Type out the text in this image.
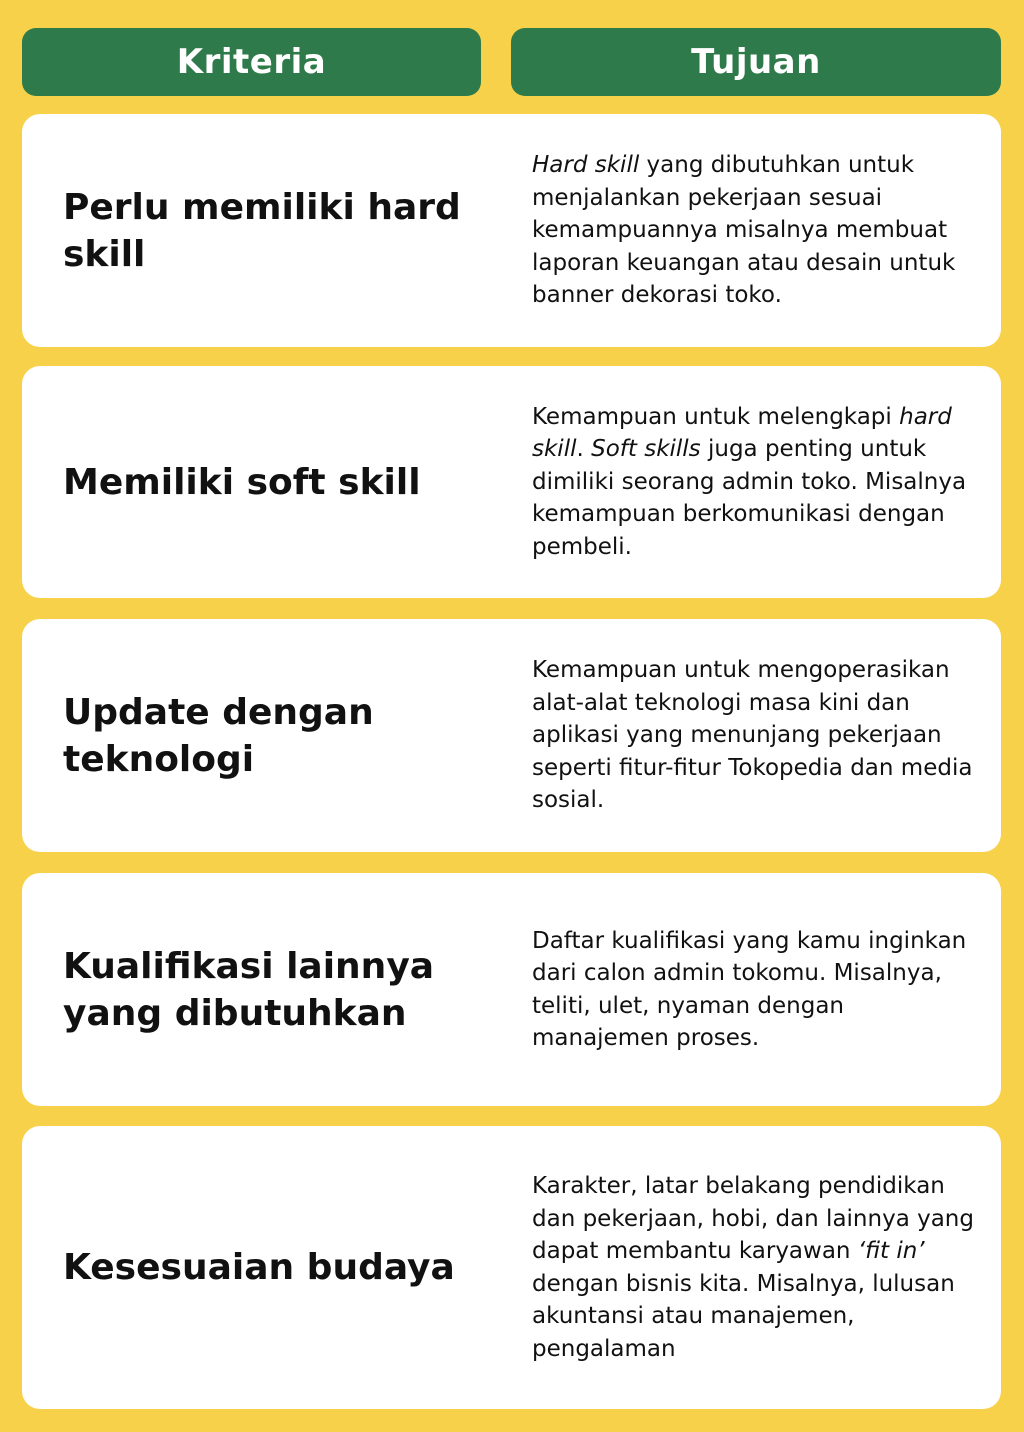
Kriteria	Tujuan
Perlu memiliki hard skill

Hard skill yang dibutuhkan untuk menjalankan pekerjaan sesuai kemampuannya misalnya membuat laporan keuangan atau desain untuk banner dekorasi toko.

Memiliki soft skill

Kemampuan untuk melengkapi hard skill. Soft skills juga penting untuk dimiliki seorang admin toko. Misalnya kemampuan berkomunikasi dengan pembeli.

Update dengan teknologi

Kemampuan untuk mengoperasikan alat-alat teknologi masa kini dan aplikasi yang menunjang pekerjaan seperti fitur-fitur Tokopedia dan media sosial.

Kualifikasi lainnya yang dibutuhkan

Daftar kualifikasi yang kamu inginkan dari calon admin tokomu. Misalnya, teliti, ulet, nyaman dengan manajemen proses.

Kesesuaian budaya

Karakter, latar belakang pendidikan dan pekerjaan, hobi, dan lainnya yang dapat membantu karyawan ‘fit in’ dengan bisnis kita. Misalnya, lulusan akuntansi atau manajemen, pengalaman
